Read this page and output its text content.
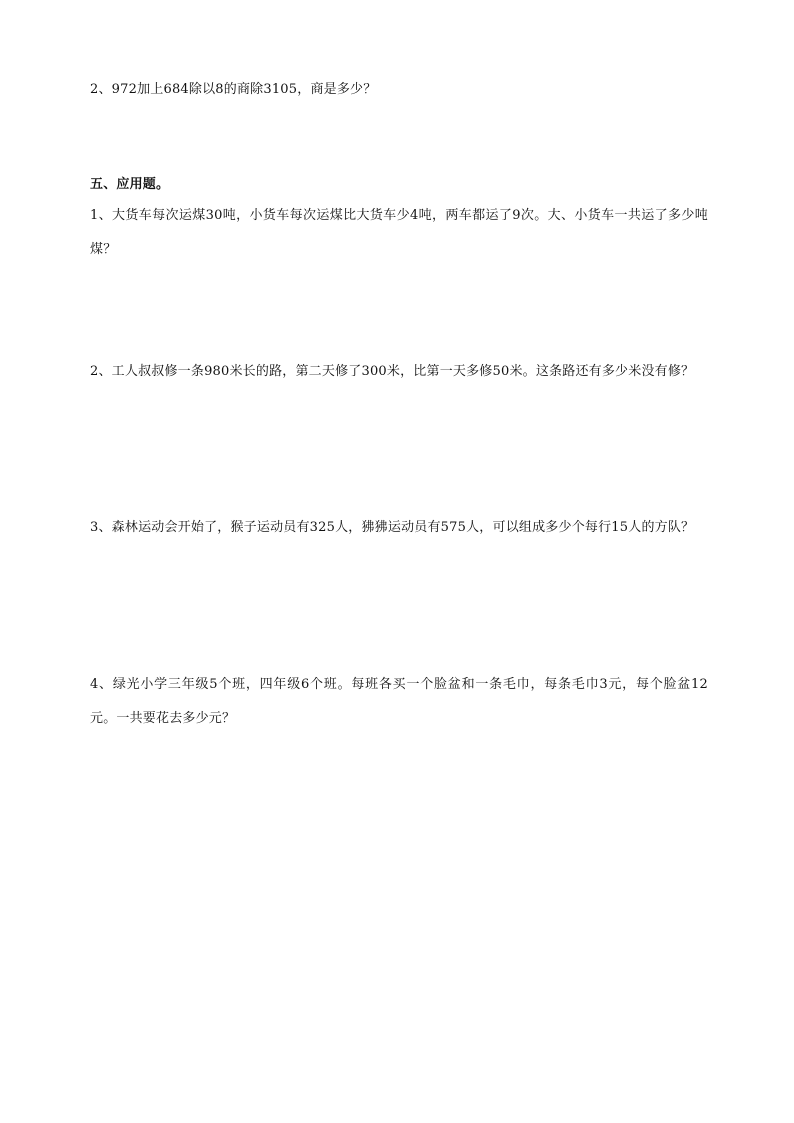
2、972加上684除以8的商除3105，商是多少？
五、应用题。
1、大货车每次运煤30吨，小货车每次运煤比大货车少4吨，两车都运了9次。大、小货车一共运了多少吨煤？
2、工人叔叔修一条980米长的路，第二天修了300米，比第一天多修50米。这条路还有多少米没有修？
3、森林运动会开始了，猴子运动员有325人，狒狒运动员有575人，可以组成多少个每行15人的方队？
4、绿光小学三年级5个班，四年级6个班。每班各买一个脸盆和一条毛巾，每条毛巾3元，每个脸盆12元。一共要花去多少元？
